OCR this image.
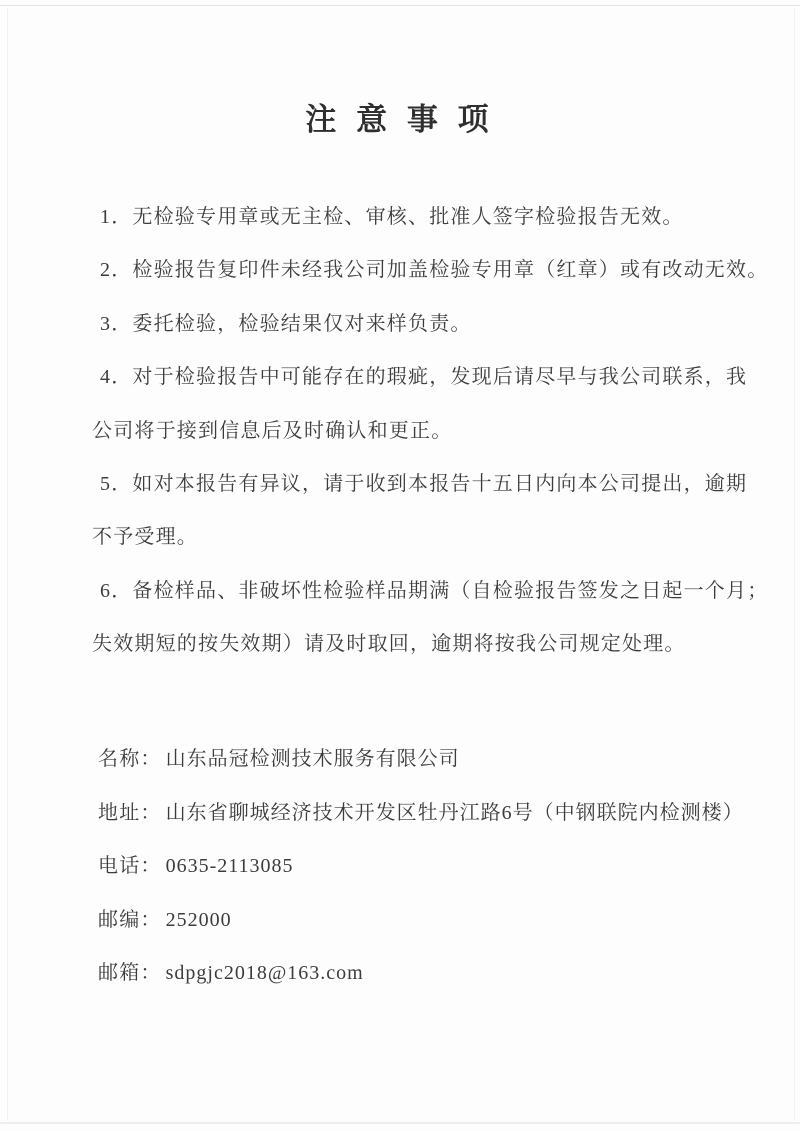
注 意 事 项

1．无检验专用章或无主检、审核、批准人签字检验报告无效。

2．检验报告复印件未经我公司加盖检验专用章（红章）或有改动无效。

3．委托检验，检验结果仅对来样负责。

4．对于检验报告中可能存在的瑕疵，发现后请尽早与我公司联系，我

公司将于接到信息后及时确认和更正。

5．如对本报告有异议，请于收到本报告十五日内向本公司提出，逾期

不予受理。

6．备检样品、非破坏性检验样品期满（自检验报告签发之日起一个月；

失效期短的按失效期）请及时取回，逾期将按我公司规定处理。

名称： 山东品冠检测技术服务有限公司

地址： 山东省聊城经济技术开发区牡丹江路6号（中钢联院内检测楼）

电话： 0635-2113085

邮编： 252000

邮箱： sdpgjc2018@163.com
